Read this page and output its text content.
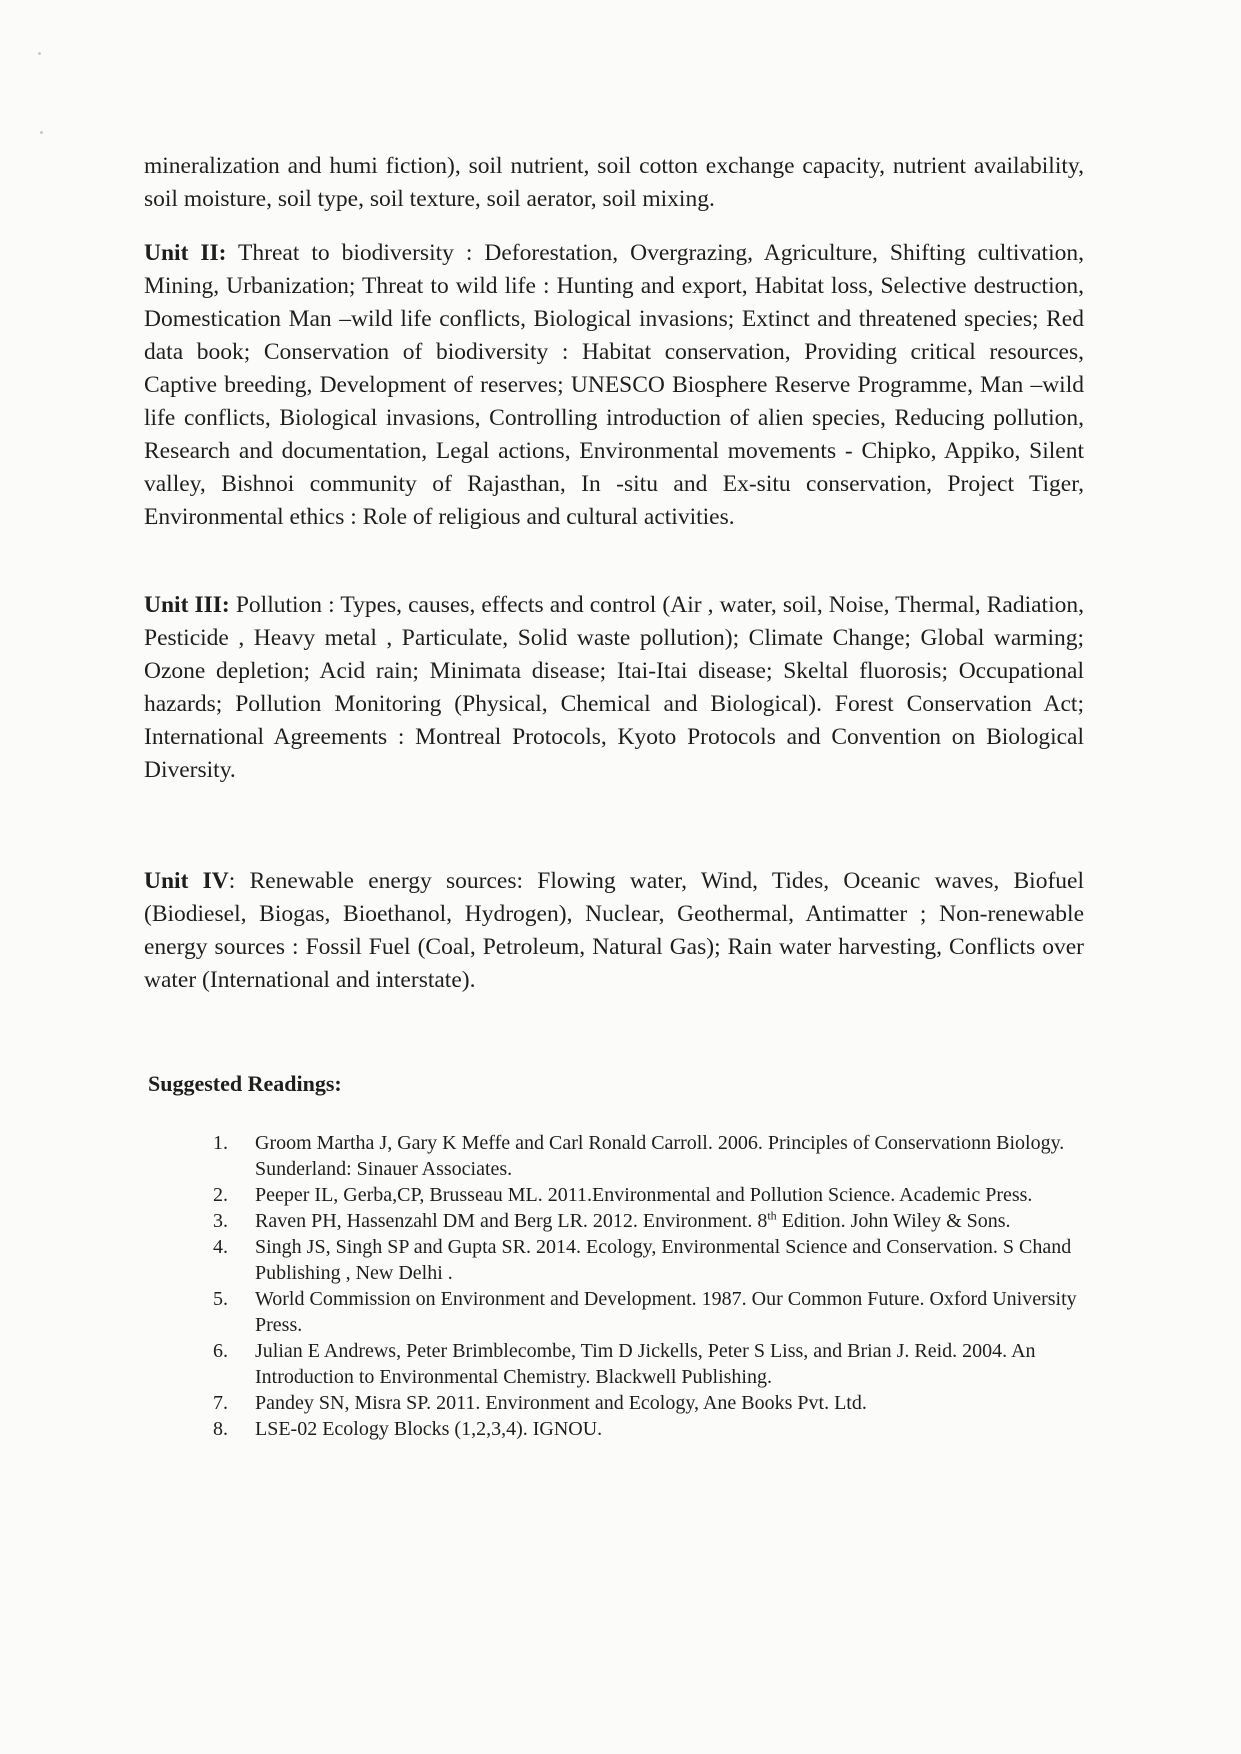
mineralization and humi fiction), soil nutrient, soil cotton exchange capacity, nutrient availability, soil moisture, soil type, soil texture, soil aerator, soil mixing.

Unit II: Threat to biodiversity : Deforestation, Overgrazing, Agriculture, Shifting cultivation, Mining, Urbanization; Threat to wild life : Hunting and export, Habitat loss, Selective destruction, Domestication Man –wild life conflicts, Biological invasions; Extinct and threatened species; Red data book; Conservation of biodiversity : Habitat conservation, Providing critical resources, Captive breeding, Development of reserves; UNESCO Biosphere Reserve Programme, Man –wild life conflicts, Biological invasions, Controlling introduction of alien species, Reducing pollution, Research and documentation, Legal actions, Environmental movements - Chipko, Appiko, Silent valley, Bishnoi community of Rajasthan, In -situ and Ex-situ conservation, Project Tiger, Environmental ethics : Role of religious and cultural activities.

Unit III: Pollution : Types, causes, effects and control (Air , water, soil, Noise, Thermal, Radiation, Pesticide , Heavy metal , Particulate, Solid waste pollution); Climate Change; Global warming; Ozone depletion; Acid rain; Minimata disease; Itai-Itai disease; Skeltal fluorosis; Occupational hazards; Pollution Monitoring (Physical, Chemical and Biological). Forest Conservation Act; International Agreements : Montreal Protocols, Kyoto Protocols and Convention on Biological Diversity.

Unit IV: Renewable energy sources: Flowing water, Wind, Tides, Oceanic waves, Biofuel (Biodiesel, Biogas, Bioethanol, Hydrogen), Nuclear, Geothermal, Antimatter ; Non-renewable energy sources : Fossil Fuel (Coal, Petroleum, Natural Gas); Rain water harvesting, Conflicts over water (International and interstate).

Suggested Readings:
1. Groom Martha J, Gary K Meffe and Carl Ronald Carroll. 2006. Principles of Conservationn Biology. Sunderland: Sinauer Associates.
2. Peeper IL, Gerba,CP, Brusseau ML. 2011.Environmental and Pollution Science. Academic Press.
3. Raven PH, Hassenzahl DM and Berg LR. 2012. Environment. 8th Edition. John Wiley & Sons.
4. Singh JS, Singh SP and Gupta SR. 2014. Ecology, Environmental Science and Conservation. S Chand Publishing , New Delhi .
5. World Commission on Environment and Development. 1987. Our Common Future. Oxford University Press.
6. Julian E Andrews, Peter Brimblecombe, Tim D Jickells, Peter S Liss, and Brian J. Reid. 2004. An Introduction to Environmental Chemistry. Blackwell Publishing.
7. Pandey SN, Misra SP. 2011. Environment and Ecology, Ane Books Pvt. Ltd.
8. LSE-02 Ecology Blocks (1,2,3,4). IGNOU.
